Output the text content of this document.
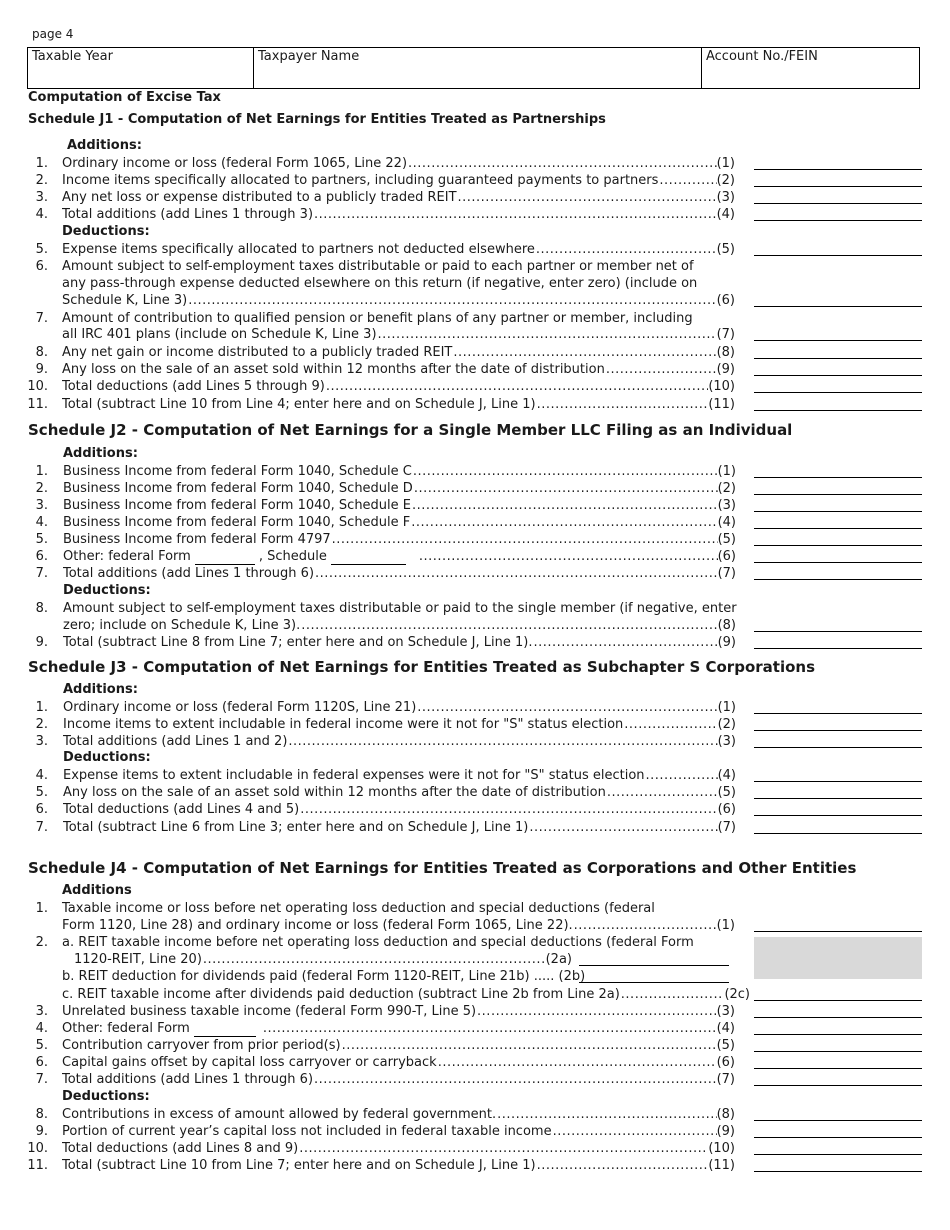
page 4
Taxable Year	Taxpayer Name	Account No./FEIN
Computation of Excise Tax
Schedule J1 - Computation of Net Earnings for Entities Treated as Partnerships
Additions:
1. Ordinary income or loss (federal Form 1065, Line 22) .....	(1)
2. Income items specifically allocated to partners, including guaranteed payments to partners .....	(2)
3. Any net loss or expense distributed to a publicly traded REIT .....	(3)
4. Total additions (add Lines 1 through 3) .....	(4)
Deductions:
5. Expense items specifically allocated to partners not deducted elsewhere .....	(5)
6. Amount subject to self-employment taxes distributable or paid to each partner or member net of
any pass-through expense deducted elsewhere on this return (if negative, enter zero) (include on
Schedule K, Line 3) .....	(6)
7. Amount of contribution to qualified pension or benefit plans of any partner or member, including
all IRC 401 plans (include on Schedule K, Line 3) .....	(7)
8. Any net gain or income distributed to a publicly traded REIT .....	(8)
9. Any loss on the sale of an asset sold within 12 months after the date of distribution .....	(9)
10. Total deductions (add Lines 5 through 9) .....	(10)
11. Total (subtract Line 10 from Line 4; enter here and on Schedule J, Line 1) .....	(11)
Schedule J2 - Computation of Net Earnings for a Single Member LLC Filing as an Individual
Additions:
1. Business Income from federal Form 1040, Schedule C .....	(1)
2. Business Income from federal Form 1040, Schedule D .....	(2)
3. Business Income from federal Form 1040, Schedule E .....	(3)
4. Business Income from federal Form 1040, Schedule F .....	(4)
5. Business Income from federal Form 4797 .....	(5)
6. Other: federal Form	, Schedule .....	(6)
7. Total additions (add Lines 1 through 6) .....	(7)
Deductions:
8. Amount subject to self-employment taxes distributable or paid to the single member (if negative, enter
zero; include on Schedule K, Line 3). .....	(8)
9. Total (subtract Line 8 from Line 7; enter here and on Schedule J, Line 1). .....	(9)
Schedule J3 - Computation of Net Earnings for Entities Treated as Subchapter S Corporations
Additions:
1. Ordinary income or loss (federal Form 1120S, Line 21) .....	(1)
2. Income items to extent includable in federal income were it not for "S" status election .....	(2)
3. Total additions (add Lines 1 and 2) .....	(3)
Deductions:
4. Expense items to extent includable in federal expenses were it not for "S" status election .....	(4)
5. Any loss on the sale of an asset sold within 12 months after the date of distribution .....	(5)
6. Total deductions (add Lines 4 and 5) .....	(6)
7. Total (subtract Line 6 from Line 3; enter here and on Schedule J, Line 1) .....	(7)
Schedule J4 - Computation of Net Earnings for Entities Treated as Corporations and Other Entities
Additions
1. Taxable income or loss before net operating loss deduction and special deductions (federal
Form 1120, Line 28) and ordinary income or loss (federal Form 1065, Line 22). .....	(1)
2. a. REIT taxable income before net operating loss deduction and special deductions (federal Form
1120-REIT, Line 20) .....	(2a)
b. REIT deduction for dividends paid (federal Form 1120-REIT, Line 21b) ..... (2b)
c. REIT taxable income after dividends paid deduction (subtract Line 2b from Line 2a) .....	(2c)
3. Unrelated business taxable income (federal Form 990-T, Line 5) .....	(3)
4. Other: federal Form .....	(4)
5. Contribution carryover from prior period(s) .....	(5)
6. Capital gains offset by capital loss carryover or carryback .....	(6)
7. Total additions (add Lines 1 through 6) .....	(7)
Deductions:
8. Contributions in excess of amount allowed by federal government. .....	(8)
9. Portion of current year’s capital loss not included in federal taxable income .....	(9)
10. Total deductions (add Lines 8 and 9) .....	(10)
11. Total (subtract Line 10 from Line 7; enter here and on Schedule J, Line 1) .....	(11)
